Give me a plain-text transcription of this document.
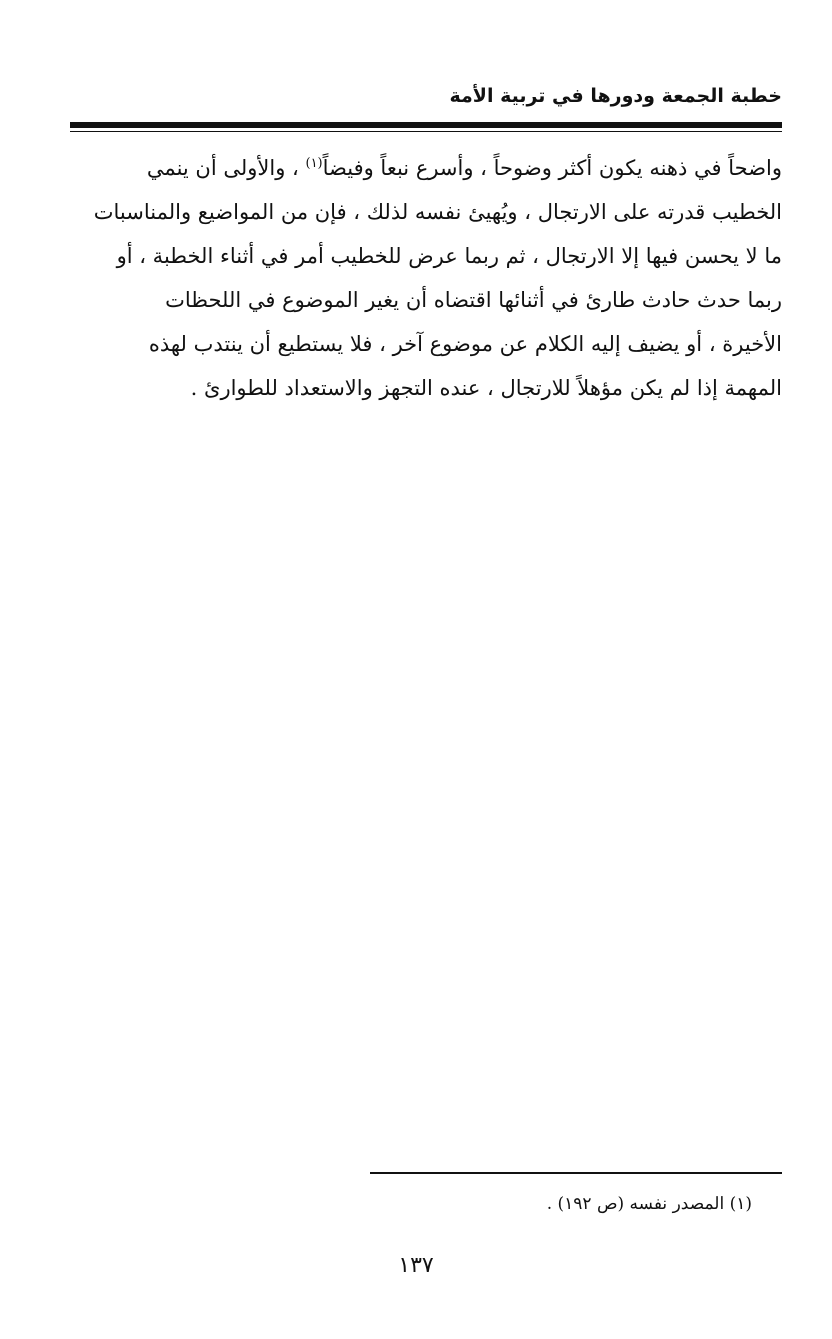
خطبة الجمعة ودورها في تربية الأمة
واضحاً في ذهنه يكون أكثر وضوحاً ، وأسرع نبعاً وفيضاً$^{(١)}$ ، والأولى أن ينمي
الخطيب قدرته على الارتجال ، ويُهيئ نفسه لذلك ، فإن من المواضيع والمناسبات
ما لا يحسن فيها إلا الارتجال ، ثم ربما عرض للخطيب أمر في أثناء الخطبة ، أو
ربما حدث حادث طارئ في أثنائها اقتضاه أن يغير الموضوع في اللحظات
الأخيرة ، أو يضيف إليه الكلام عن موضوع آخر ، فلا يستطيع أن ينتدب لهذه
المهمة إذا لم يكن مؤهلاً للارتجال ، عنده التجهز والاستعداد للطوارئ .
(١) المصدر نفسه (ص ١٩٢) .
١٣٧
